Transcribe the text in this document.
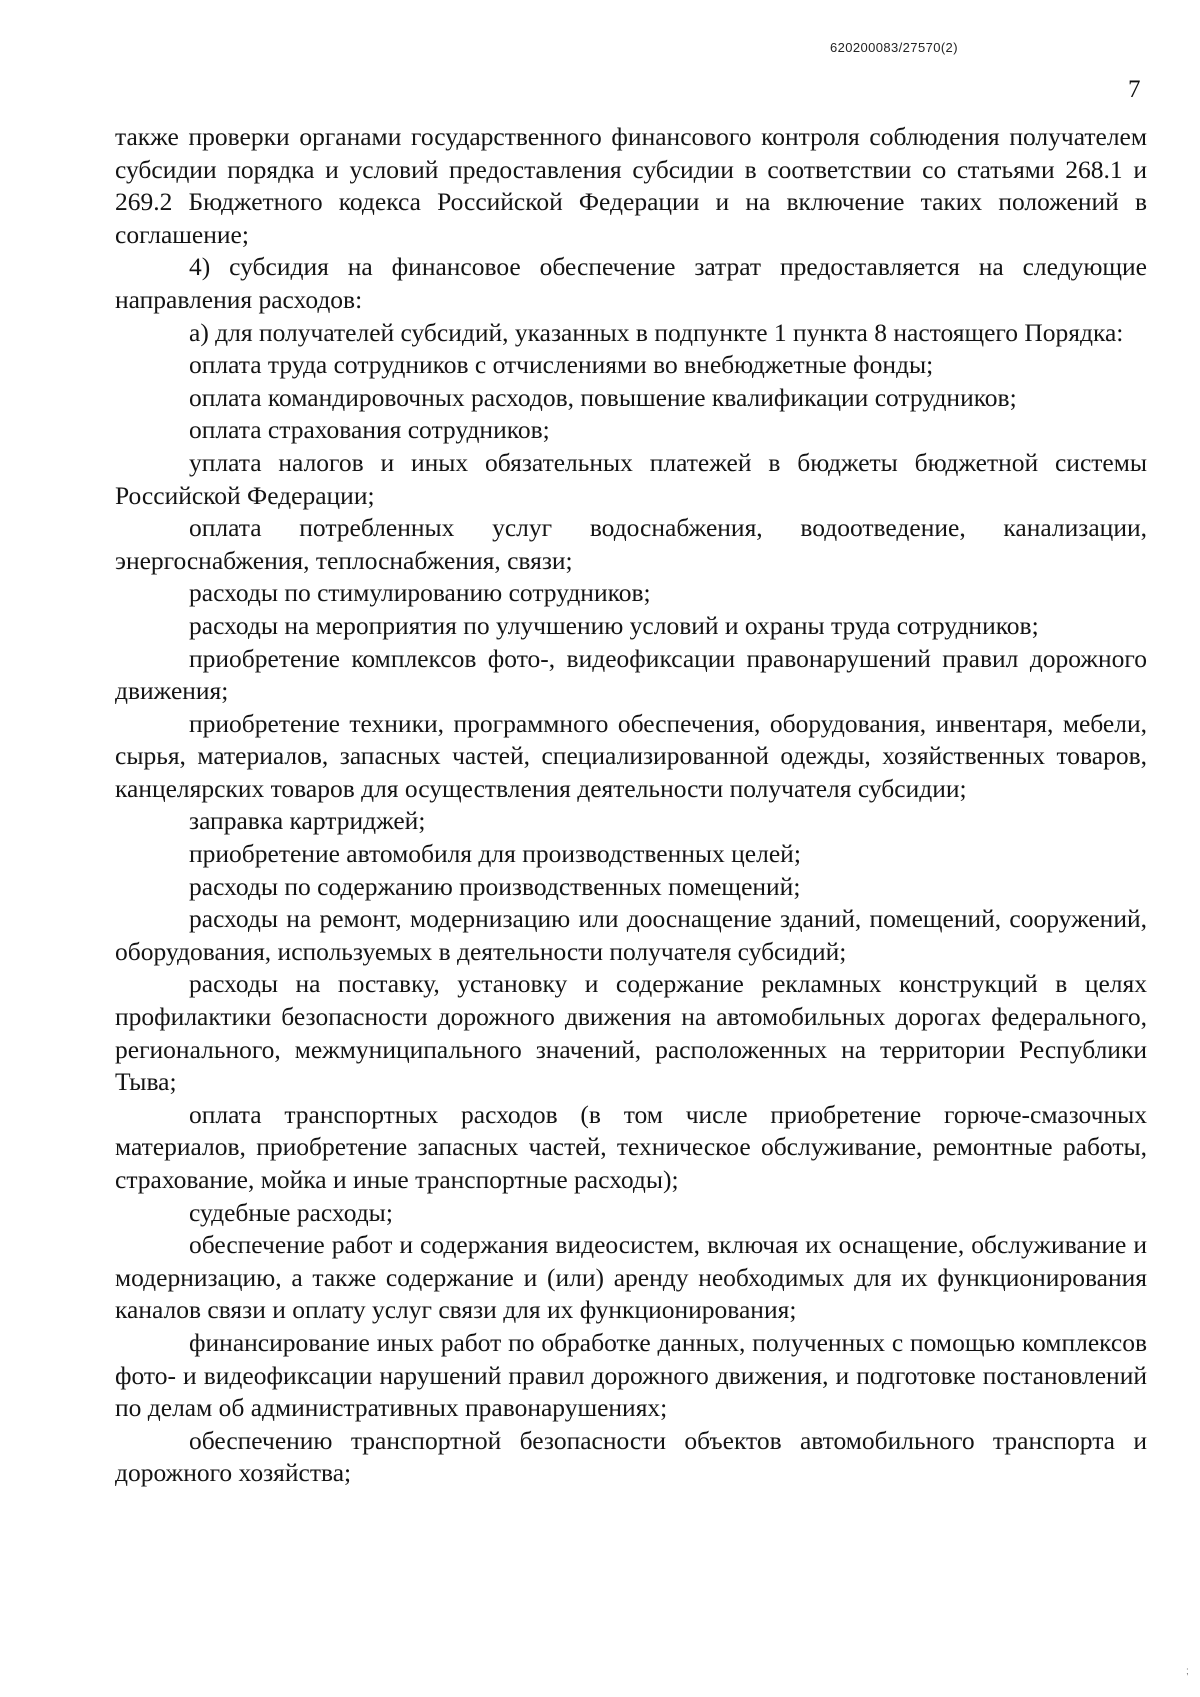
620200083/27570(2)
7

также проверки органами государственного финансового контроля соблюдения получателем субсидии порядка и условий предоставления субсидии в соответствии со статьями 268.1 и 269.2 Бюджетного кодекса Российской Федерации и на включение таких положений в соглашение;

4) субсидия на финансовое обеспечение затрат предоставляется на следующие направления расходов:

а) для получателей субсидий, указанных в подпункте 1 пункта 8 настоящего Порядка:

оплата труда сотрудников с отчислениями во внебюджетные фонды;

оплата командировочных расходов, повышение квалификации сотрудников;

оплата страхования сотрудников;

уплата налогов и иных обязательных платежей в бюджеты бюджетной системы Российской Федерации;

оплата потребленных услуг водоснабжения, водоотведение, канализации, энергоснабжения, теплоснабжения, связи;

расходы по стимулированию сотрудников;

расходы на мероприятия по улучшению условий и охраны труда сотрудников;

приобретение комплексов фото-, видеофиксации правонарушений правил дорожного движения;

приобретение техники, программного обеспечения, оборудования, инвентаря, мебели, сырья, материалов, запасных частей, специализированной одежды, хозяйственных товаров, канцелярских товаров для осуществления деятельности получателя субсидии;

заправка картриджей;

приобретение автомобиля для производственных целей;

расходы по содержанию производственных помещений;

расходы на ремонт, модернизацию или дооснащение зданий, помещений, сооружений, оборудования, используемых в деятельности получателя субсидий;

расходы на поставку, установку и содержание рекламных конструкций в целях профилактики безопасности дорожного движения на автомобильных дорогах федерального, регионального, межмуниципального значений, расположенных на территории Республики Тыва;

оплата транспортных расходов (в том числе приобретение горюче-смазочных материалов, приобретение запасных частей, техническое обслуживание, ремонтные работы, страхование, мойка и иные транспортные расходы);

судебные расходы;

обеспечение работ и содержания видеосистем, включая их оснащение, обслуживание и модернизацию, а также содержание и (или) аренду необходимых для их функционирования каналов связи и оплату услуг связи для их функционирования;

финансирование иных работ по обработке данных, полученных с помощью комплексов фото- и видеофиксации нарушений правил дорожного движения, и подготовке постановлений по делам об административных правонарушениях;

обеспечению транспортной безопасности объектов автомобильного транспорта и дорожного хозяйства;

;
